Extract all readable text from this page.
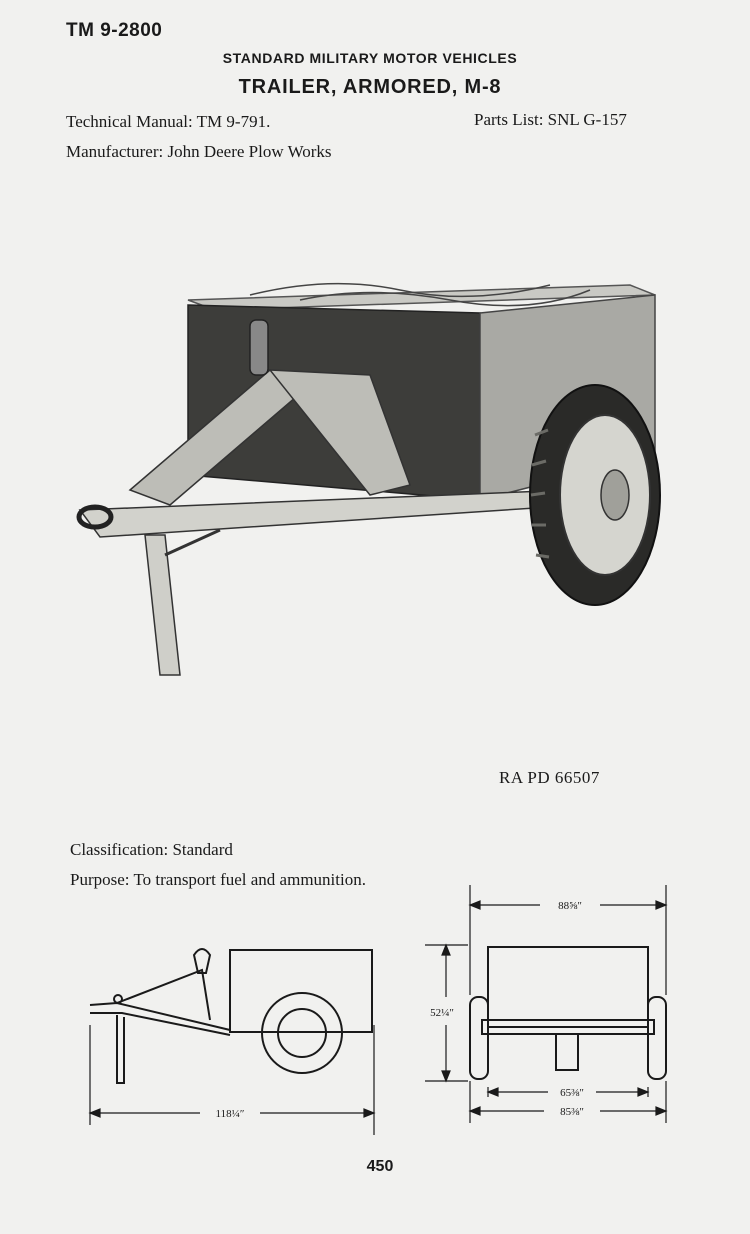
TM 9-2800
STANDARD MILITARY MOTOR VEHICLES
TRAILER, ARMORED, M-8
Technical Manual: TM 9-791.	Parts List: SNL G-157
Manufacturer: John Deere Plow Works
RA PD 66507
Classification: Standard
Purpose: To transport fuel and ammunition.
118¼″
88⅝″
52¼″
65⅜″
85⅜″
450
